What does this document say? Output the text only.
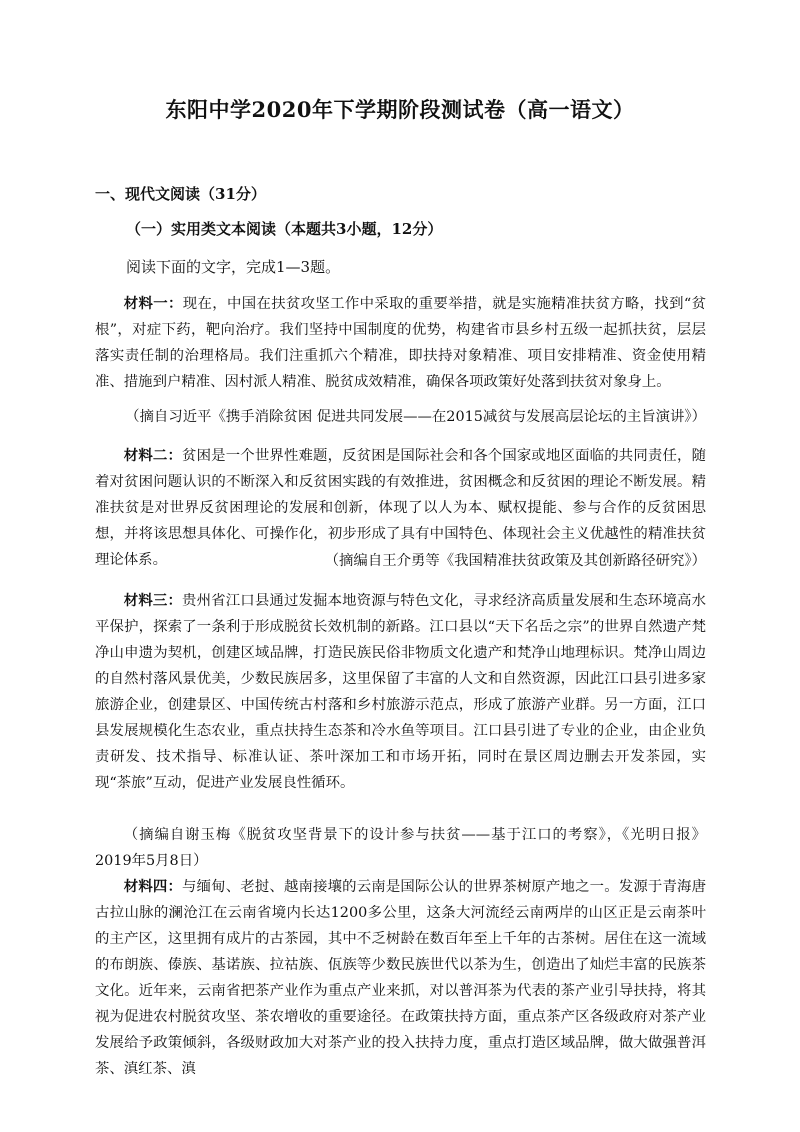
东阳中学2020年下学期阶段测试卷（高一语文）
一、现代文阅读（31分）
（一）实用类文本阅读（本题共3小题，12分）
阅读下面的文字，完成1—3题。

材料一：现在，中国在扶贫攻坚工作中采取的重要举措，就是实施精准扶贫方略，找到“贫根”，对症下药，靶向治疗。我们坚持中国制度的优势，构建省市县乡村五级一起抓扶贫，层层落实责任制的治理格局。我们注重抓六个精准，即扶持对象精准、项目安排精准、资金使用精准、措施到户精准、因村派人精准、脱贫成效精准，确保各项政策好处落到扶贫对象身上。

（摘自习近平《携手消除贫困 促进共同发展——在2015减贫与发展高层论坛的主旨演讲》）

材料二：贫困是一个世界性难题，反贫困是国际社会和各个国家或地区面临的共同责任，随着对贫困问题认识的不断深入和反贫困实践的有效推进，贫困概念和反贫困的理论不断发展。精准扶贫是对世界反贫困理论的发展和创新，体现了以人为本、赋权提能、参与合作的反贫困思想，并将该思想具体化、可操作化，初步形成了具有中国特色、体现社会主义优越性的精准扶贫理论体系。	（摘编自王介勇等《我国精准扶贫政策及其创新路径研究》）

材料三：贵州省江口县通过发掘本地资源与特色文化，寻求经济高质量发展和生态环境高水平保护，探索了一条利于形成脱贫长效机制的新路。江口县以“天下名岳之宗”的世界自然遗产梵净山申遗为契机，创建区域品牌，打造民族民俗非物质文化遗产和梵净山地理标识。梵净山周边的自然村落风景优美，少数民族居多，这里保留了丰富的人文和自然资源，因此江口县引进多家旅游企业，创建景区、中国传统古村落和乡村旅游示范点，形成了旅游产业群。另一方面，江口县发展规模化生态农业，重点扶持生态茶和冷水鱼等项目。江口县引进了专业的企业，由企业负责研发、技术指导、标准认证、茶叶深加工和市场开拓，同时在景区周边删去开发茶园，实现“茶旅”互动，促进产业发展良性循环。

（摘编自谢玉梅《脱贫攻坚背景下的设计参与扶贫——基于江口的考察》，《光明日报》2019年5月8日）

材料四：与缅甸、老挝、越南接壤的云南是国际公认的世界茶树原产地之一。发源于青海唐古拉山脉的澜沧江在云南省境内长达1200多公里，这条大河流经云南两岸的山区正是云南茶叶的主产区，这里拥有成片的古茶园，其中不乏树龄在数百年至上千年的古茶树。居住在这一流域的布朗族、傣族、基诺族、拉祜族、佤族等少数民族世代以茶为生，创造出了灿烂丰富的民族茶文化。近年来，云南省把茶产业作为重点产业来抓，对以普洱茶为代表的茶产业引导扶持，将其视为促进农村脱贫攻坚、茶农增收的重要途径。在政策扶持方面，重点茶产区各级政府对茶产业发展给予政策倾斜，各级财政加大对茶产业的投入扶持力度，重点打造区域品牌，做大做强普洱茶、滇红茶、滇
